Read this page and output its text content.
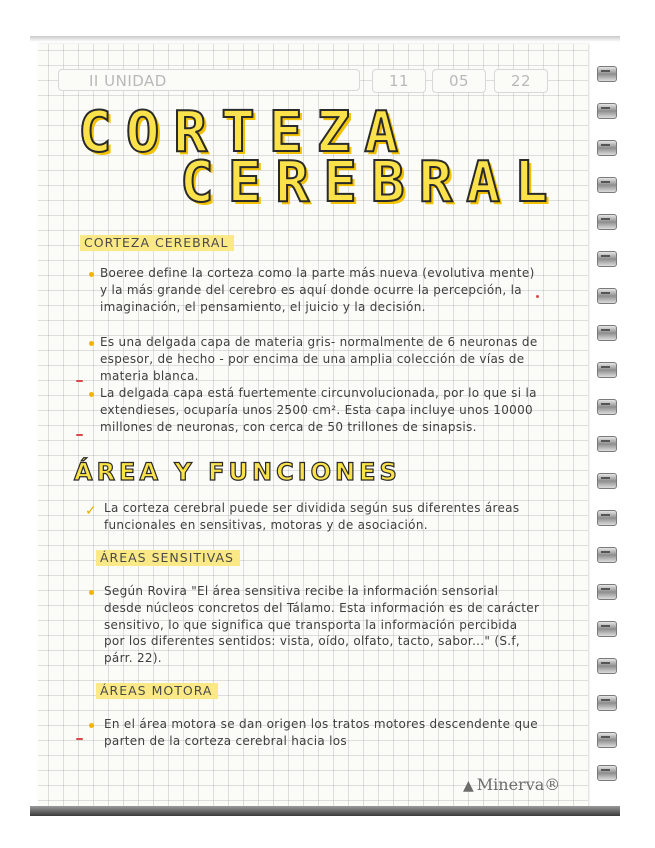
II UNIDAD	11	05	22
CORTEZA
CEREBRAL
CORTEZA CEREBRAL

Boeree define la corteza como la parte más nueva (evolutiva mente) y la más grande del cerebro es aquí donde ocurre la percepción, la imaginación, el pensamiento, el juicio y la decisión.

Es una delgada capa de materia gris- normalmente de 6 neuronas de espesor, de hecho - por encima de una amplia colección de vías de materia blanca.

La delgada capa está fuertemente circunvolucionada, por lo que si la extendieses, ocuparía unos 2500 cm². Esta capa incluye unos 10000 millones de neuronas, con cerca de 50 trillones de sinapsis.

ÁREA Y FUNCIONES
✓ La corteza cerebral puede ser dividida según sus diferentes áreas funcionales en sensitivas, motoras y de asociación.

ÁREAS SENSITIVAS

Según Rovira "El área sensitiva recibe la información sensorial desde núcleos concretos del Tálamo. Esta información es de carácter sensitivo, lo que significa que transporta la información percibida por los diferentes sentidos: vista, oído, olfato, tacto, sabor..." (S.f, párr. 22).

ÁREAS MOTORA

En el área motora se dan origen los tratos motores descendente que parten de la corteza cerebral hacia los

▲ Minerva®
